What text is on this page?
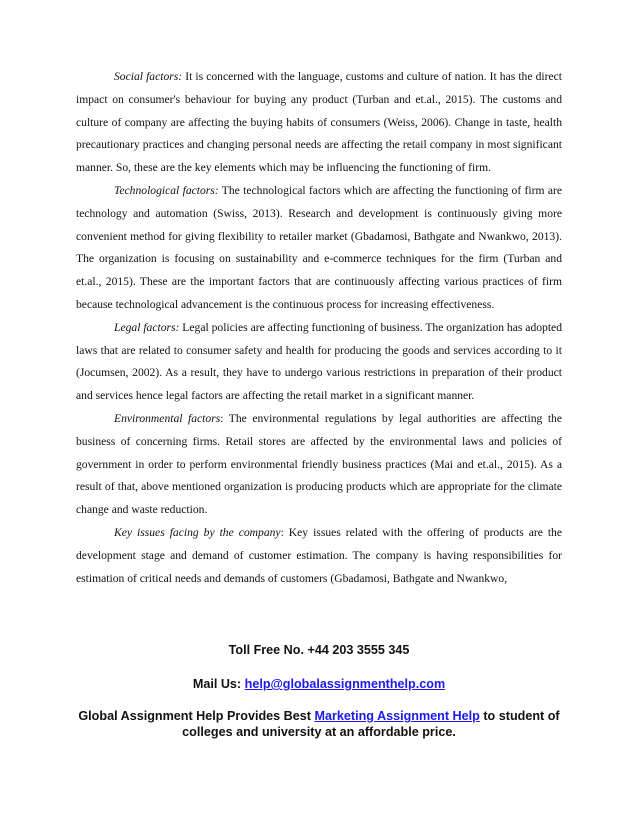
Social factors: It is concerned with the language, customs and culture of nation. It has the direct impact on consumer's behaviour for buying any product (Turban and et.al., 2015). The customs and culture of company are affecting the buying habits of consumers (Weiss, 2006). Change in taste, health precautionary practices and changing personal needs are affecting the retail company in most significant manner. So, these are the key elements which may be influencing the functioning of firm.

Technological factors: The technological factors which are affecting the functioning of firm are technology and automation (Swiss, 2013). Research and development is continuously giving more convenient method for giving flexibility to retailer market (Gbadamosi, Bathgate and Nwankwo, 2013). The organization is focusing on sustainability and e-commerce techniques for the firm (Turban and et.al., 2015). These are the important factors that are continuously affecting various practices of firm because technological advancement is the continuous process for increasing effectiveness.

Legal factors: Legal policies are affecting functioning of business. The organization has adopted laws that are related to consumer safety and health for producing the goods and services according to it (Jocumsen, 2002). As a result, they have to undergo various restrictions in preparation of their product and services hence legal factors are affecting the retail market in a significant manner.

Environmental factors: The environmental regulations by legal authorities are affecting the business of concerning firms. Retail stores are affected by the environmental laws and policies of government in order to perform environmental friendly business practices (Mai and et.al., 2015). As a result of that, above mentioned organization is producing products which are appropriate for the climate change and waste reduction.

Key issues facing by the company: Key issues related with the offering of products are the development stage and demand of customer estimation. The company is having responsibilities for estimation of critical needs and demands of customers (Gbadamosi, Bathgate and Nwankwo,

Toll Free No. +44 203 3555 345

Mail Us: help@globalassignmenthelp.com

Global Assignment Help Provides Best Marketing Assignment Help to student of colleges and university at an affordable price.
